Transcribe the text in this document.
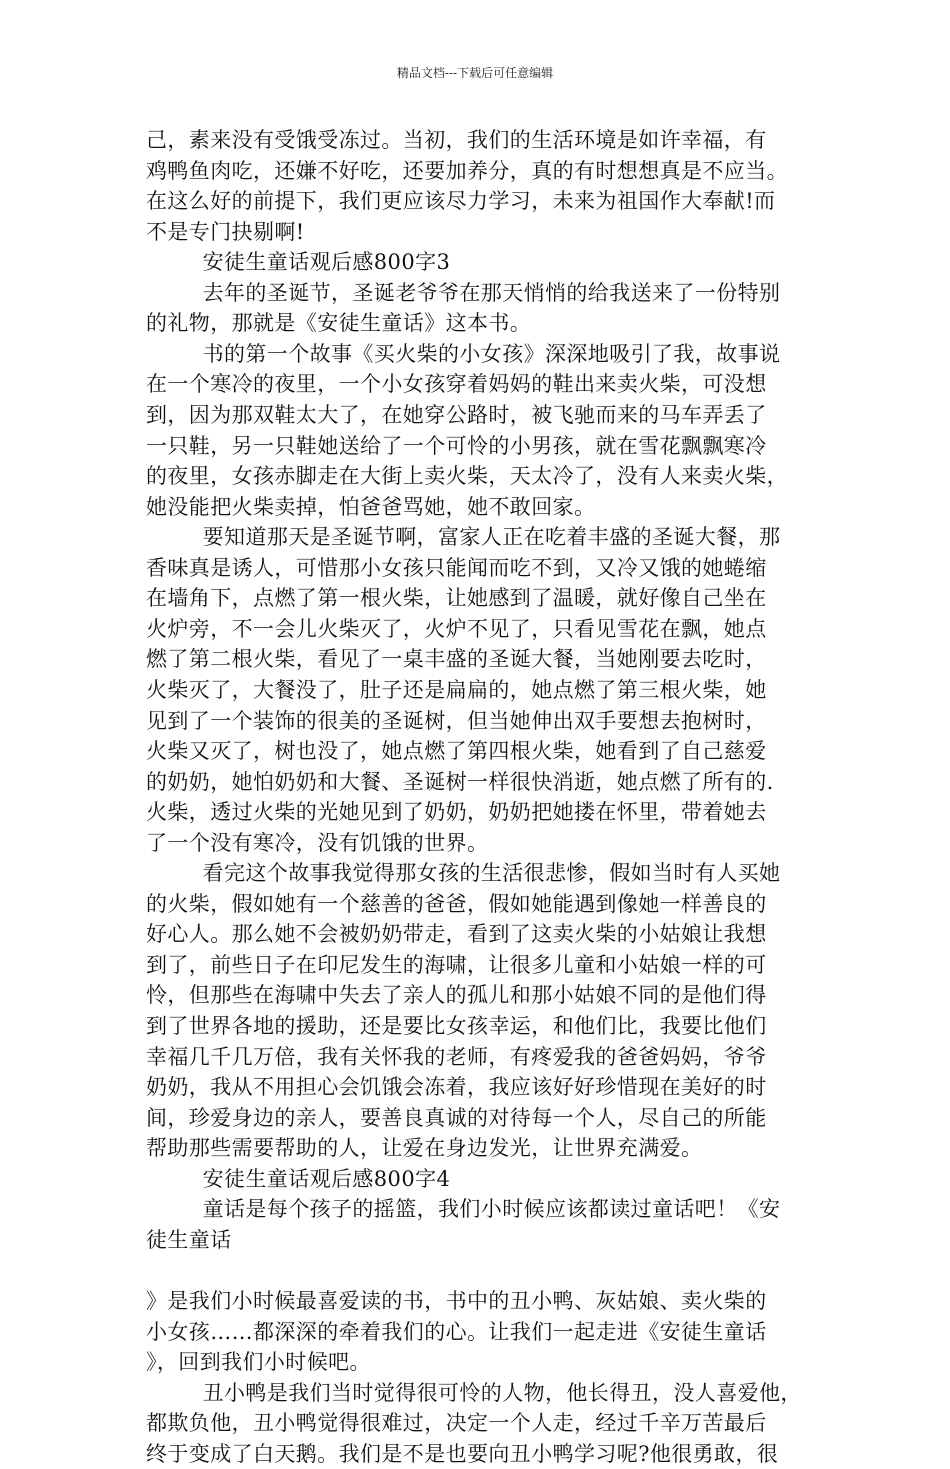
精品文档---下载后可任意编辑
己，素来没有受饿受冻过。当初，我们的生活环境是如许幸福，有
鸡鸭鱼肉吃，还嫌不好吃，还要加养分，真的有时想想真是不应当。
在这么好的前提下，我们更应该尽力学习，未来为祖国作大奉献!而
不是专门抉剔啊!
安徒生童话观后感800字3
去年的圣诞节，圣诞老爷爷在那天悄悄的给我送来了一份特别
的礼物，那就是《安徒生童话》这本书。
书的第一个故事《买火柴的小女孩》深深地吸引了我，故事说
在一个寒冷的夜里，一个小女孩穿着妈妈的鞋出来卖火柴，可没想
到，因为那双鞋太大了，在她穿公路时，被飞驰而来的马车弄丢了
一只鞋，另一只鞋她送给了一个可怜的小男孩，就在雪花飘飘寒冷
的夜里，女孩赤脚走在大街上卖火柴，天太冷了，没有人来卖火柴，
她没能把火柴卖掉，怕爸爸骂她，她不敢回家。
要知道那天是圣诞节啊，富家人正在吃着丰盛的圣诞大餐，那
香味真是诱人，可惜那小女孩只能闻而吃不到，又冷又饿的她蜷缩
在墙角下，点燃了第一根火柴，让她感到了温暖，就好像自己坐在
火炉旁，不一会儿火柴灭了，火炉不见了，只看见雪花在飘，她点
燃了第二根火柴，看见了一桌丰盛的圣诞大餐，当她刚要去吃时，
火柴灭了，大餐没了，肚子还是扁扁的，她点燃了第三根火柴，她
见到了一个装饰的很美的圣诞树，但当她伸出双手要想去抱树时，
火柴又灭了，树也没了，她点燃了第四根火柴，她看到了自己慈爱
的奶奶，她怕奶奶和大餐、圣诞树一样很快消逝，她点燃了所有的.
火柴，透过火柴的光她见到了奶奶，奶奶把她搂在怀里，带着她去
了一个没有寒冷，没有饥饿的世界。
看完这个故事我觉得那女孩的生活很悲惨，假如当时有人买她
的火柴，假如她有一个慈善的爸爸，假如她能遇到像她一样善良的
好心人。那么她不会被奶奶带走，看到了这卖火柴的小姑娘让我想
到了，前些日子在印尼发生的海啸，让很多儿童和小姑娘一样的可
怜，但那些在海啸中失去了亲人的孤儿和那小姑娘不同的是他们得
到了世界各地的援助，还是要比女孩幸运，和他们比，我要比他们
幸福几千几万倍，我有关怀我的老师，有疼爱我的爸爸妈妈，爷爷
奶奶，我从不用担心会饥饿会冻着，我应该好好珍惜现在美好的时
间，珍爱身边的亲人，要善良真诚的对待每一个人，尽自己的所能
帮助那些需要帮助的人，让爱在身边发光，让世界充满爱。
安徒生童话观后感800字4
童话是每个孩子的摇篮，我们小时候应该都读过童话吧！《安
徒生童话
》是我们小时候最喜爱读的书，书中的丑小鸭、灰姑娘、卖火柴的
小女孩……都深深的牵着我们的心。让我们一起走进《安徒生童话
》，回到我们小时候吧。
丑小鸭是我们当时觉得很可怜的人物，他长得丑，没人喜爱他，
都欺负他，丑小鸭觉得很难过，决定一个人走，经过千辛万苦最后
终于变成了白天鹅。我们是不是也要向丑小鸭学习呢?他很勇敢，很
